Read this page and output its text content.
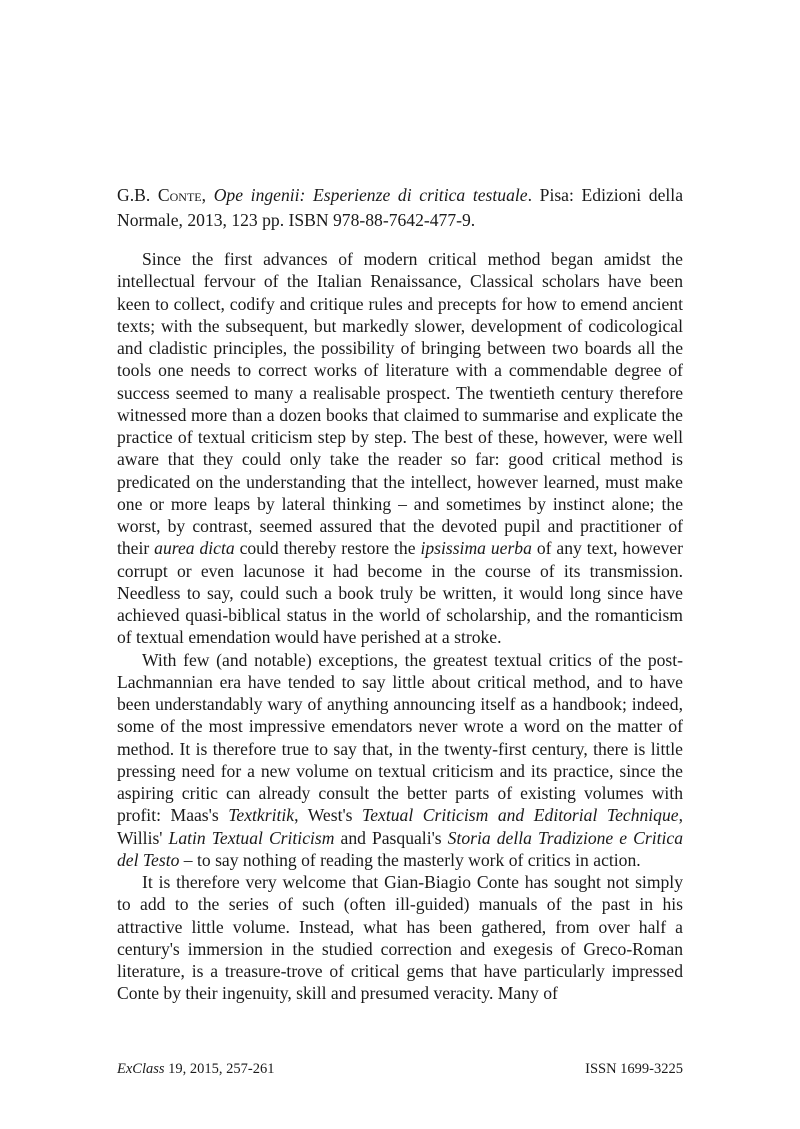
G.B. Conte, Ope ingenii: Esperienze di critica testuale. Pisa: Edizioni della Normale, 2013, 123 pp. ISBN 978-88-7642-477-9.

Since the first advances of modern critical method began amidst the intellectual fervour of the Italian Renaissance, Classical scholars have been keen to collect, codify and critique rules and precepts for how to emend ancient texts; with the subsequent, but markedly slower, development of codicological and cladistic principles, the possibility of bringing between two boards all the tools one needs to correct works of literature with a commendable degree of success seemed to many a realisable prospect. The twentieth century therefore witnessed more than a dozen books that claimed to summarise and explicate the practice of textual criticism step by step. The best of these, however, were well aware that they could only take the reader so far: good critical method is predicated on the understanding that the intellect, however learned, must make one or more leaps by lateral thinking – and sometimes by instinct alone; the worst, by contrast, seemed assured that the devoted pupil and practitioner of their aurea dicta could thereby restore the ipsissima uerba of any text, however corrupt or even lacunose it had become in the course of its transmission. Needless to say, could such a book truly be written, it would long since have achieved quasi-biblical status in the world of scholarship, and the romanticism of textual emendation would have perished at a stroke.

With few (and notable) exceptions, the greatest textual critics of the post-Lachmannian era have tended to say little about critical method, and to have been understandably wary of anything announcing itself as a handbook; indeed, some of the most impressive emendators never wrote a word on the matter of method. It is therefore true to say that, in the twenty-first century, there is little pressing need for a new volume on textual criticism and its practice, since the aspiring critic can already consult the better parts of existing volumes with profit: Maas's Textkritik, West's Textual Criticism and Editorial Technique, Willis' Latin Textual Criticism and Pasquali's Storia della Tradizione e Critica del Testo – to say nothing of reading the masterly work of critics in action.

It is therefore very welcome that Gian-Biagio Conte has sought not simply to add to the series of such (often ill-guided) manuals of the past in his attractive little volume. Instead, what has been gathered, from over half a century's immersion in the studied correction and exegesis of Greco-Roman literature, is a treasure-trove of critical gems that have particularly impressed Conte by their ingenuity, skill and presumed veracity. Many of

ExClass 19, 2015, 257-261	ISSN 1699-3225
